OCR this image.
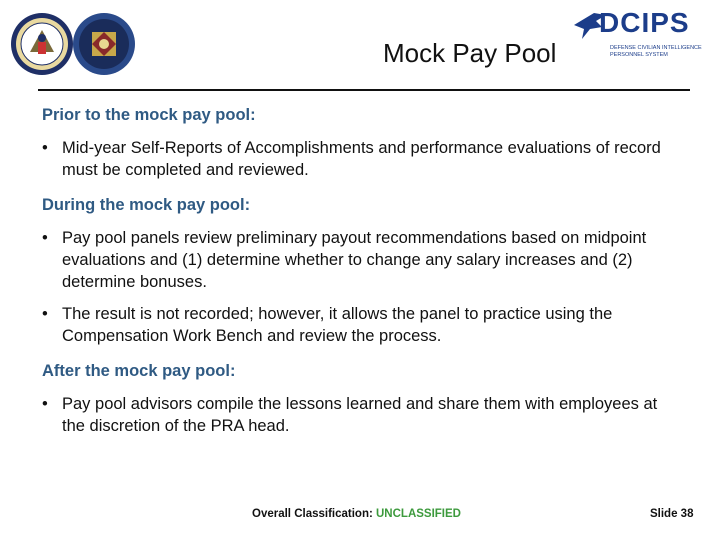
Mock Pay Pool
DCIPS
DEFENSE CIVILIAN INTELLIGENCE PERSONNEL SYSTEM
Prior to the mock pay pool:
• Mid-year Self-Reports of Accomplishments and performance evaluations of record must be completed and reviewed.
During the mock pay pool:
• Pay pool panels review preliminary payout recommendations based on midpoint evaluations and (1) determine whether to change any salary increases and (2) determine bonuses.
• The result is not recorded; however, it allows the panel to practice using the Compensation Work Bench and review the process.
After the mock pay pool:
• Pay pool advisors compile the lessons learned and share them with employees at the discretion of the PRA head.
Overall Classification: UNCLASSIFIED	Slide 38
